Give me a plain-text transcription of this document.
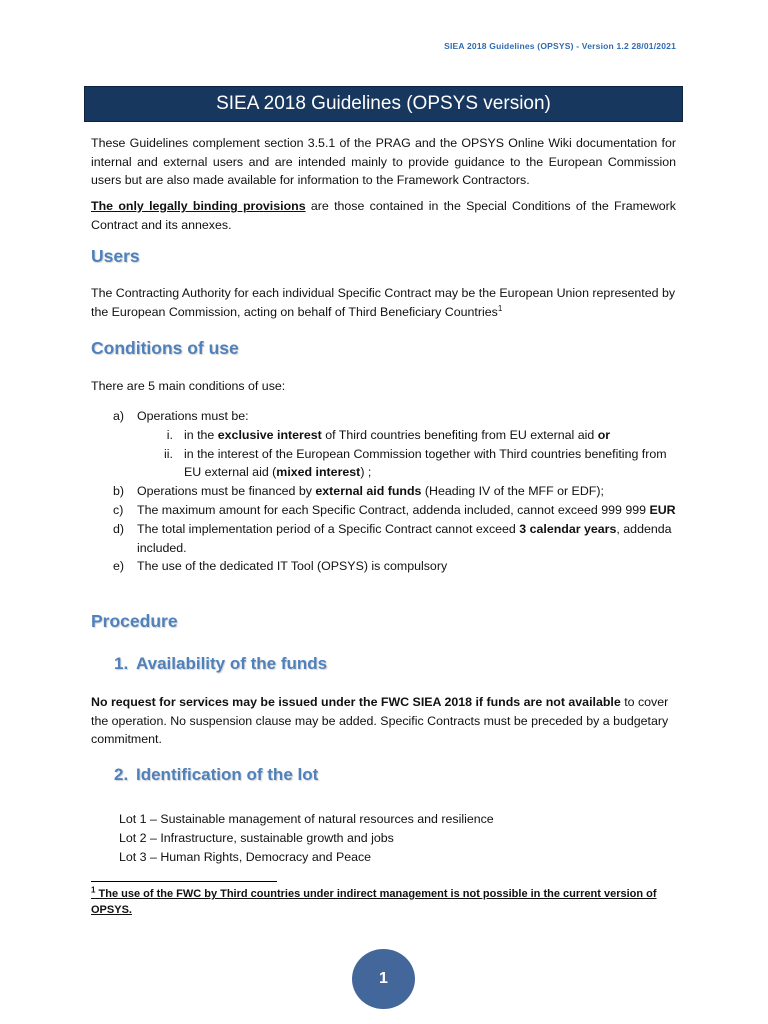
SIEA 2018 Guidelines (OPSYS) - Version 1.2 28/01/2021
SIEA 2018 Guidelines (OPSYS version)
These Guidelines complement section 3.5.1 of the PRAG and the OPSYS Online Wiki documentation for internal and external users and are intended mainly to provide guidance to the European Commission users but are also made available for information to the Framework Contractors.
The only legally binding provisions are those contained in the Special Conditions of the Framework Contract and its annexes.
Users
The Contracting Authority for each individual Specific Contract may be the European Union represented by the European Commission, acting on behalf of Third Beneficiary Countries$^1$
Conditions of use
There are 5 main conditions of use:
a) Operations must be:
i. in the exclusive interest of Third countries benefiting from EU external aid or
ii. in the interest of the European Commission together with Third countries benefiting from EU external aid (mixed interest) ;
b) Operations must be financed by external aid funds (Heading IV of the MFF or EDF);
c) The maximum amount for each Specific Contract, addenda included, cannot exceed 999 999 EUR
d) The total implementation period of a Specific Contract cannot exceed 3 calendar years, addenda included.
e) The use of the dedicated IT Tool (OPSYS) is compulsory
Procedure
1. Availability of the funds
No request for services may be issued under the FWC SIEA 2018 if funds are not available to cover the operation. No suspension clause may be added. Specific Contracts must be preceded by a budgetary commitment.
2. Identification of the lot
Lot 1 – Sustainable management of natural resources and resilience
Lot 2 – Infrastructure, sustainable growth and jobs
Lot 3 – Human Rights, Democracy and Peace
$^1$ The use of the FWC by Third countries under indirect management is not possible in the current version of OPSYS.
1
